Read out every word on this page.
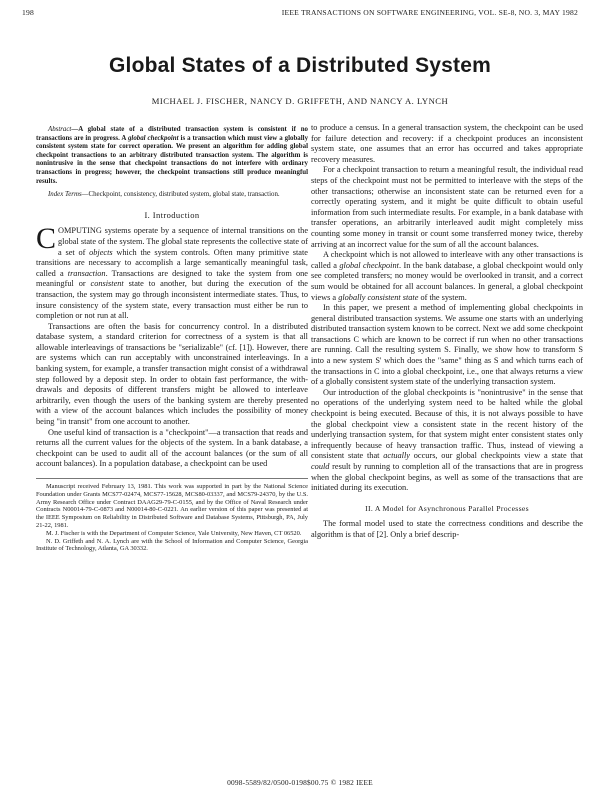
198	IEEE TRANSACTIONS ON SOFTWARE ENGINEERING, VOL. SE-8, NO. 3, MAY 1982
Global States of a Distributed System
MICHAEL J. FISCHER, NANCY D. GRIFFETH, AND NANCY A. LYNCH

Abstract—A global state of a distributed transaction system is consistent if no transactions are in progress. A global checkpoint is a transaction which must view a globally consistent system state for correct operation. We present an algorithm for adding global checkpoint transactions to an arbitrary distributed transaction system. The algorithm is nonintrusive in the sense that checkpoint transactions do not interfere with ordinary transactions in progress; however, the checkpoint transactions still produce meaningful results.

Index Terms—Checkpoint, consistency, distributed system, global state, transaction.

I. Introduction

COMPUTING systems operate by a sequence of internal transitions on the global state of the system. The global state represents the collective state of a set of objects which the system controls. Often many primitive state transitions are necessary to accomplish a large semantically meaningful task, called a transaction. Transactions are designed to take the system from one meaningful or consistent state to another, but during the execution of the transaction, the system may go through inconsistent intermediate states. Thus, to insure consistency of the system state, every transaction must either be run to completion or not run at all.

Transactions are often the basis for concurrency control. In a distributed database system, a standard criterion for correctness of a system is that all allowable interleavings of transactions be "serializable" (cf. [1]). However, there are systems which can run acceptably with unconstrained interleavings. In a banking system, for example, a transfer transaction might consist of a withdrawal step followed by a deposit step. In order to obtain fast performance, the withdrawals and deposits of different transfers might be allowed to interleave arbitrarily, even though the users of the banking system are thereby presented with a view of the account balances which includes the possibility of money being "in transit" from one account to another.

One useful kind of transaction is a "checkpoint"—a transaction that reads and returns all the current values for the objects of the system. In a bank database, a checkpoint can be used to audit all of the account balances (or the sum of all account balances). In a population database, a checkpoint can be used

Manuscript received February 13, 1981. This work was supported in part by the National Science Foundation under Grants MCS77-02474, MCS77-15628, MCS80-03337, and MCS79-24370, by the U.S. Army Research Office under Contract DAAG29-79-C-0155, and by the Office of Naval Research under Contracts N00014-79-C-0873 and N00014-80-C-0221. An earlier version of this paper was presented at the IEEE Symposium on Reliability in Distributed Software and Database Systems, Pittsburgh, PA, July 21-22, 1981.

M. J. Fischer is with the Department of Computer Science, Yale University, New Haven, CT 06520.

N. D. Griffeth and N. A. Lynch are with the School of Information and Computer Science, Georgia Institute of Technology, Atlanta, GA 30332.

to produce a census. In a general transaction system, the checkpoint can be used for failure detection and recovery: if a checkpoint produces an inconsistent system state, one assumes that an error has occurred and takes appropriate recovery measures.

For a checkpoint transaction to return a meaningful result, the individual read steps of the checkpoint must not be permitted to interleave with the steps of the other transactions; otherwise an inconsistent state can be returned even for a correctly operating system, and it might be quite difficult to obtain useful information from such intermediate results. For example, in a bank database with transfer operations, an arbitrarily interleaved audit might completely miss counting some money in transit or count some transferred money twice, thereby arriving at an incorrect value for the sum of all the account balances.

A checkpoint which is not allowed to interleave with any other transactions is called a global checkpoint. In the bank database, a global checkpoint would only see completed transfers; no money would be overlooked in transit, and a correct sum would be obtained for all account balances. In general, a global checkpoint views a globally consistent state of the system.

In this paper, we present a method of implementing global checkpoints in general distributed transaction systems. We assume one starts with an underlying distributed transaction system known to be correct. Next we add some checkpoint transactions C which are known to be correct if run when no other transactions are running. Call the resulting system S. Finally, we show how to transform S into a new system S' which does the "same" thing as S and which turns each of the transactions in C into a global checkpoint, i.e., one that always returns a view of a globally consistent system state of the underlying transaction system.

Our introduction of the global checkpoints is "nonintrusive" in the sense that no operations of the underlying system need to be halted while the global checkpoint is being executed. Because of this, it is not always possible to have the global checkpoint view a consistent state in the recent history of the underlying transaction system, for that system might enter consistent states only infrequently because of heavy transaction traffic. Thus, instead of viewing a consistent state that actually occurs, our global checkpoints view a state that could result by running to completion all of the transactions that are in progress when the global checkpoint begins, as well as some of the transactions that are initiated during its execution.

II. A Model for Asynchronous Parallel Processes

The formal model used to state the correctness conditions and describe the algorithm is that of [2]. Only a brief descrip-

0098-5589/82/0500-0198$00.75 © 1982 IEEE
